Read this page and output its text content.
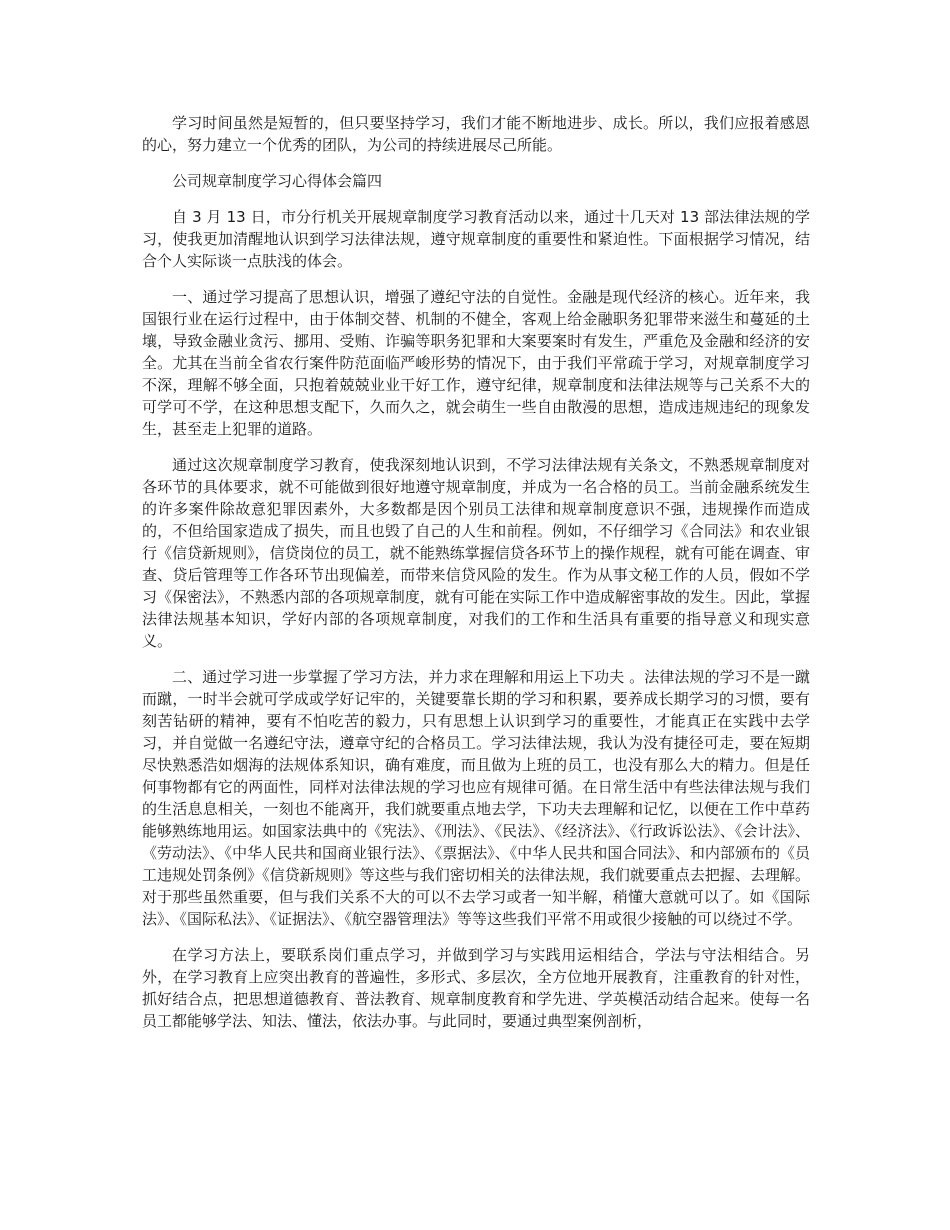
学习时间虽然是短暂的，但只要坚持学习，我们才能不断地进步、成长。所以，我们应报着感恩的心，努力建立一个优秀的团队，为公司的持续进展尽己所能。

公司规章制度学习心得体会篇四

自 3 月 13 日，市分行机关开展规章制度学习教育活动以来，通过十几天对 13 部法律法规的学习，使我更加清醒地认识到学习法律法规，遵守规章制度的重要性和紧迫性。下面根据学习情况，结合个人实际谈一点肤浅的体会。

一、通过学习提高了思想认识，增强了遵纪守法的自觉性。金融是现代经济的核心。近年来，我国银行业在运行过程中，由于体制交替、机制的不健全，客观上给金融职务犯罪带来滋生和蔓延的土壤，导致金融业贪污、挪用、受贿、诈骗等职务犯罪和大案要案时有发生，严重危及金融和经济的安全。尤其在当前全省农行案件防范面临严峻形势的情况下，由于我们平常疏于学习，对规章制度学习不深，理解不够全面，只抱着兢兢业业干好工作，遵守纪律，规章制度和法律法规等与己关系不大的可学可不学，在这种思想支配下，久而久之，就会萌生一些自由散漫的思想，造成违规违纪的现象发生，甚至走上犯罪的道路。

通过这次规章制度学习教育，使我深刻地认识到，不学习法律法规有关条文，不熟悉规章制度对各环节的具体要求，就不可能做到很好地遵守规章制度，并成为一名合格的员工。当前金融系统发生的许多案件除故意犯罪因素外，大多数都是因个别员工法律和规章制度意识不强，违规操作而造成的，不但给国家造成了损失，而且也毁了自己的人生和前程。例如，不仔细学习《合同法》和农业银行《信贷新规则》，信贷岗位的员工，就不能熟练掌握信贷各环节上的操作规程，就有可能在调查、审查、贷后管理等工作各环节出现偏差，而带来信贷风险的发生。作为从事文秘工作的人员，假如不学习《保密法》，不熟悉内部的各项规章制度，就有可能在实际工作中造成解密事故的发生。因此，掌握法律法规基本知识，学好内部的各项规章制度，对我们的工作和生活具有重要的指导意义和现实意义。

二、通过学习进一步掌握了学习方法，并力求在理解和用运上下功夫 。法律法规的学习不是一蹴而蹴，一时半会就可学成或学好记牢的，关键要靠长期的学习和积累，要养成长期学习的习惯，要有刻苦钻研的精神，要有不怕吃苦的毅力，只有思想上认识到学习的重要性，才能真正在实践中去学习，并自觉做一名遵纪守法，遵章守纪的合格员工。学习法律法规，我认为没有捷径可走，要在短期尽快熟悉浩如烟海的法规体系知识，确有难度，而且做为上班的员工，也没有那么大的精力。但是任何事物都有它的两面性，同样对法律法规的学习也应有规律可循。在日常生活中有些法律法规与我们的生活息息相关，一刻也不能离开，我们就要重点地去学，下功夫去理解和记忆，以便在工作中草药能够熟练地用运。如国家法典中的《宪法》、《刑法》、《民法》、《经济法》、《行政诉讼法》、《会计法》、《劳动法》、《中华人民共和国商业银行法》、《票据法》、《中华人民共和国合同法》、和内部颁布的《员工违规处罚条例》《信贷新规则》等这些与我们密切相关的法律法规，我们就要重点去把握、去理解。对于那些虽然重要，但与我们关系不大的可以不去学习或者一知半解，稍懂大意就可以了。如《国际法》、《国际私法》、《证据法》、《航空器管理法》等等这些我们平常不用或很少接触的可以绕过不学。

在学习方法上，要联系岗们重点学习，并做到学习与实践用运相结合，学法与守法相结合。另外，在学习教育上应突出教育的普遍性，多形式、多层次，全方位地开展教育，注重教育的针对性，抓好结合点，把思想道德教育、普法教育、规章制度教育和学先进、学英模活动结合起来。使每一名员工都能够学法、知法、懂法，依法办事。与此同时，要通过典型案例剖析，
